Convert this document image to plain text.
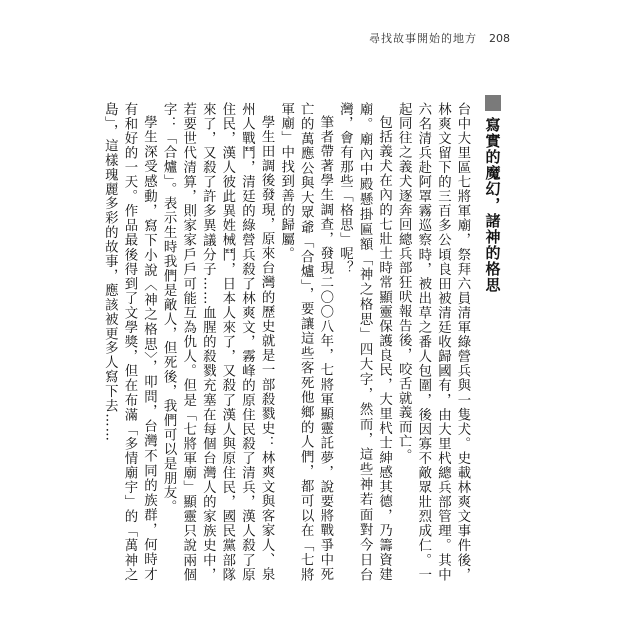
尋找故事開始的地方 208
寫實的魔幻，諸神的格思

台中大里區七將軍廟，祭拜六員清軍綠營兵與一隻犬。史載林爽文事件後，林爽文留下的三百多公頃良田被清廷收歸國有，由大里杙總兵部管理。其中六名清兵赴阿罩霧巡察時，被出草之番人包圍，後因寡不敵眾壯烈成仁。一起同往之義犬逐奔回總兵部狂吠報告後，咬舌就義而亡。

包括義犬在內的七壯士時常顯靈保護良民，大里杙士紳感其德，乃籌資建廟。廟內中殿懸掛匾額「神之格思」四大字，然而，這些神若面對今日台灣，會有那些「格思」呢？

筆者帶著學生調查，發現二〇〇八年，七將軍顯靈託夢，說要將戰爭中死亡的萬應公與大眾爺「合爐」，要讓這些客死他鄉的人們，都可以在「七將軍廟」中找到善的歸屬。

學生田調後發現，原來台灣的歷史就是一部殺戮史：林爽文與客家人、泉州人戰鬥，清廷的綠營兵殺了林爽文，霧峰的原住民殺了清兵，漢人殺了原住民，漢人彼此異姓械鬥，日本人來了，又殺了漢人與原住民，國民黨部隊來了，又殺了許多異議分子……血腥的殺戮充塞在每個台灣人的家族史中，若要世代清算，則家家戶戶可能互為仇人。但是「七將軍廟」顯靈只說兩個字：「合爐」。表示生時我們是敵人，但死後，我們可以是朋友。

學生深受感動，寫下小說〈神之格思〉，叩問，台灣不同的族群，何時才有和好的一天。作品最後得到了文學獎，但在布滿「多情廟宇」的「萬神之島」，這樣瑰麗多彩的故事，應該被更多人寫下去……
